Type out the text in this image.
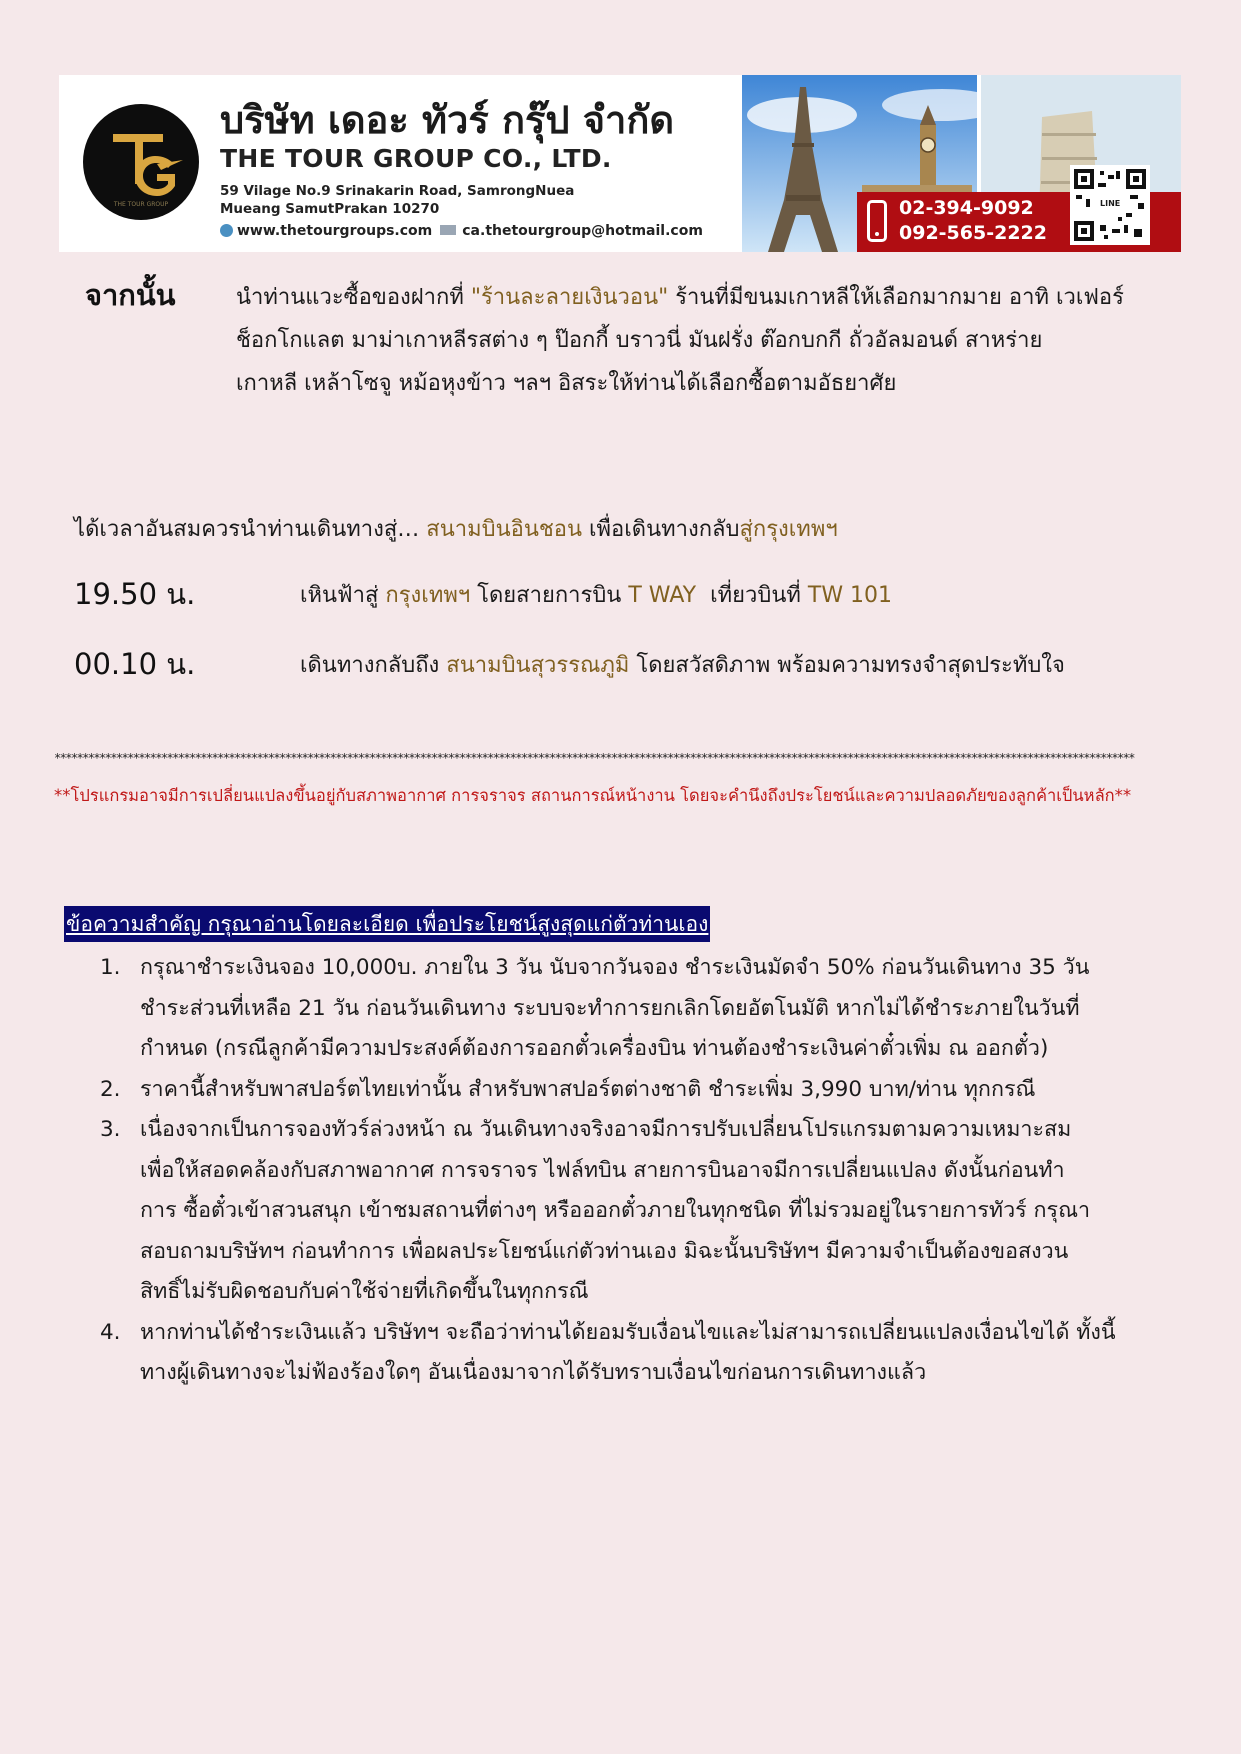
THE TOUR GROUP
บริษัท เดอะ ทัวร์ กรุ๊ป จำกัด
THE TOUR GROUP CO., LTD.
59 Vilage No.9 Srinakarin Road, SamrongNuea
Mueang SamutPrakan 10270
www.thetourgroups.com ca.thetourgroup@hotmail.com
02-394-9092
092-565-2222
LINE
จากนั้น	นำท่านแวะซื้อของฝากที่ "ร้านละลายเงินวอน" ร้านที่มีขนมเกาหลีให้เลือกมากมาย อาทิ เวเฟอร์
ช็อกโกแลต มาม่าเกาหลีรสต่าง ๆ ป๊อกกี้ บราวนี่ มันฝรั่ง ต๊อกบกกี ถั่วอัลมอนด์ สาหร่าย
เกาหลี เหล้าโซจู หม้อหุงข้าว ฯลฯ อิสระให้ท่านได้เลือกซื้อตามอัธยาศัย
ได้เวลาอันสมควรนำท่านเดินทางสู่… สนามบินอินชอน เพื่อเดินทางกลับสู่กรุงเทพฯ
19.50 น.	เหินฟ้าสู่ กรุงเทพฯ โดยสายการบิน T WAY  เที่ยวบินที่ TW 101
00.10 น.	เดินทางกลับถึง สนามบินสุวรรณภูมิ โดยสวัสดิภาพ พร้อมความทรงจำสุดประทับใจ
************************************************************************************************************************************************************************************************
**โปรแกรมอาจมีการเปลี่ยนแปลงขึ้นอยู่กับสภาพอากาศ การจราจร สถานการณ์หน้างาน โดยจะคำนึงถึงประโยชน์และความปลอดภัยของลูกค้าเป็นหลัก**
ข้อความสำคัญ กรุณาอ่านโดยละเอียด เพื่อประโยชน์สูงสุดแก่ตัวท่านเอง
1. กรุณาชำระเงินจอง 10,000บ. ภายใน 3 วัน นับจากวันจอง ชำระเงินมัดจำ 50% ก่อนวันเดินทาง 35 วัน
ชำระส่วนที่เหลือ 21 วัน ก่อนวันเดินทาง ระบบจะทำการยกเลิกโดยอัตโนมัติ หากไม่ได้ชำระภายในวันที่
กำหนด (กรณีลูกค้ามีความประสงค์ต้องการออกตั๋วเครื่องบิน ท่านต้องชำระเงินค่าตั๋วเพิ่ม ณ ออกตั๋ว)
2. ราคานี้สำหรับพาสปอร์ตไทยเท่านั้น สำหรับพาสปอร์ตต่างชาติ ชำระเพิ่ม 3,990 บาท/ท่าน ทุกกรณี
3. เนื่องจากเป็นการจองทัวร์ล่วงหน้า ณ วันเดินทางจริงอาจมีการปรับเปลี่ยนโปรแกรมตามความเหมาะสม
เพื่อให้สอดคล้องกับสภาพอากาศ การจราจร ไฟล์ทบิน สายการบินอาจมีการเปลี่ยนแปลง ดังนั้นก่อนทำ
การ ซื้อตั๋วเข้าสวนสนุก เข้าชมสถานที่ต่างๆ หรือออกตั๋วภายในทุกชนิด ที่ไม่รวมอยู่ในรายการทัวร์ กรุณา
สอบถามบริษัทฯ ก่อนทำการ เพื่อผลประโยชน์แก่ตัวท่านเอง มิฉะนั้นบริษัทฯ มีความจำเป็นต้องขอสงวน
สิทธิ์ไม่รับผิดชอบกับค่าใช้จ่ายที่เกิดขึ้นในทุกกรณี
4. หากท่านได้ชำระเงินแล้ว บริษัทฯ จะถือว่าท่านได้ยอมรับเงื่อนไขและไม่สามารถเปลี่ยนแปลงเงื่อนไขได้ ทั้งนี้
ทางผู้เดินทางจะไม่ฟ้องร้องใดๆ อันเนื่องมาจากได้รับทราบเงื่อนไขก่อนการเดินทางแล้ว
